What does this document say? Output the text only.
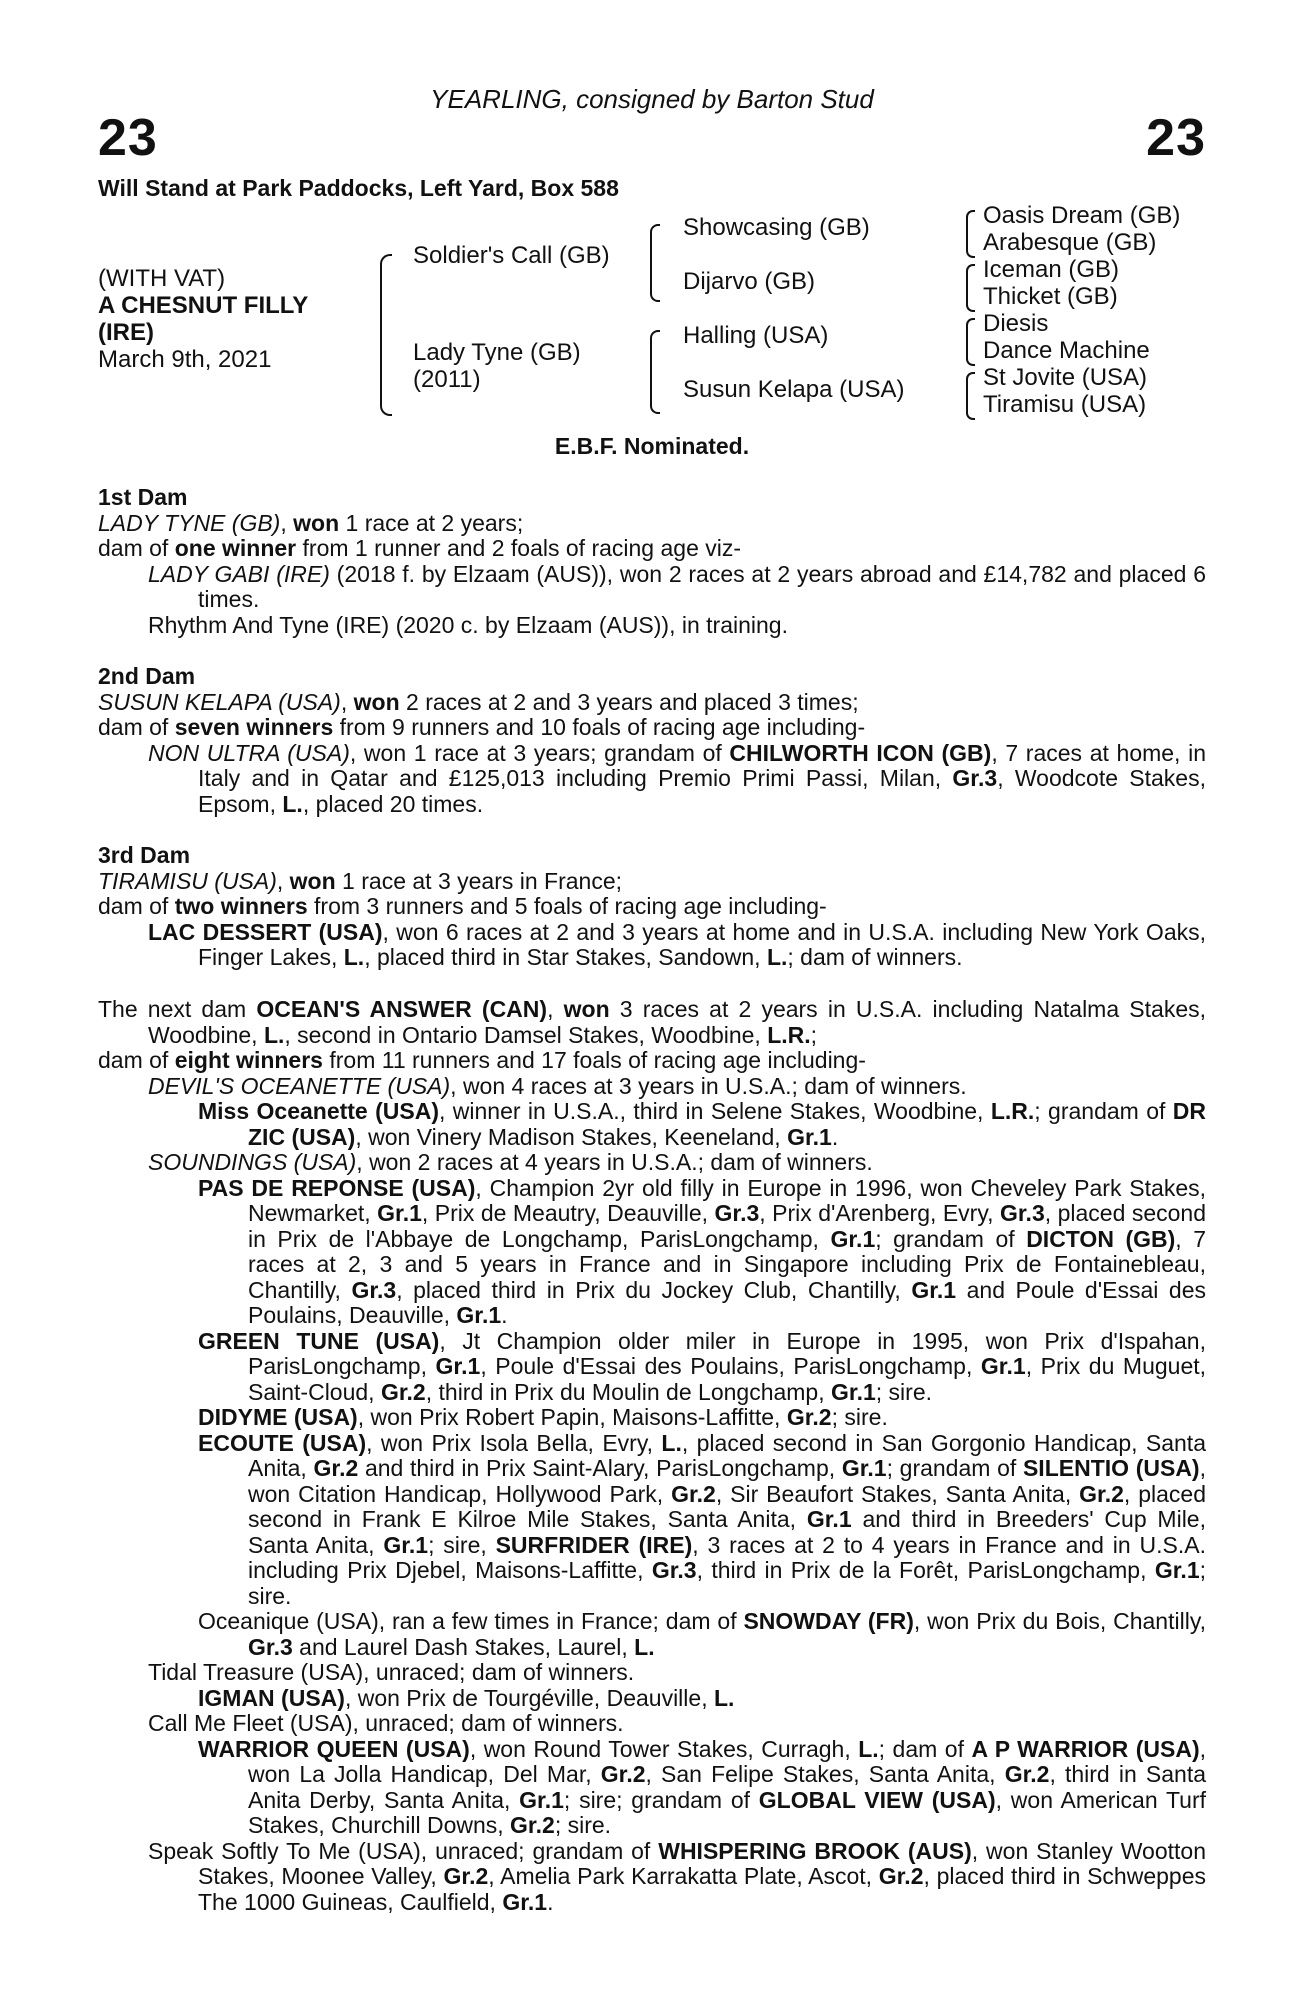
YEARLING, consigned by Barton Stud
23	23
Will Stand at Park Paddocks, Left Yard, Box 588
(WITH VAT)
A CHESNUT FILLY
(IRE)
March 9th, 2021
Soldier's Call (GB)
Lady Tyne (GB)
(2011)
Showcasing (GB)
Dijarvo (GB)
Halling (USA)
Susun Kelapa (USA)
Oasis Dream (GB)
Arabesque (GB)
Iceman (GB)
Thicket (GB)
Diesis
Dance Machine
St Jovite (USA)
Tiramisu (USA)
E.B.F. Nominated.

1st Dam

LADY TYNE (GB), won 1 race at 2 years;

dam of one winner from 1 runner and 2 foals of racing age viz-

LADY GABI (IRE) (2018 f. by Elzaam (AUS)), won 2 races at 2 years abroad and £14,782 and placed 6 times.

Rhythm And Tyne (IRE) (2020 c. by Elzaam (AUS)), in training.

2nd Dam

SUSUN KELAPA (USA), won 2 races at 2 and 3 years and placed 3 times;

dam of seven winners from 9 runners and 10 foals of racing age including-

NON ULTRA (USA), won 1 race at 3 years; grandam of CHILWORTH ICON (GB), 7 races at home, in Italy and in Qatar and £125,013 including Premio Primi Passi, Milan, Gr.3, Woodcote Stakes, Epsom, L., placed 20 times.

3rd Dam

TIRAMISU (USA), won 1 race at 3 years in France;

dam of two winners from 3 runners and 5 foals of racing age including-

LAC DESSERT (USA), won 6 races at 2 and 3 years at home and in U.S.A. including New York Oaks, Finger Lakes, L., placed third in Star Stakes, Sandown, L.; dam of winners.

The next dam OCEAN'S ANSWER (CAN), won 3 races at 2 years in U.S.A. including Natalma Stakes, Woodbine, L., second in Ontario Damsel Stakes, Woodbine, L.R.;

dam of eight winners from 11 runners and 17 foals of racing age including-

DEVIL'S OCEANETTE (USA), won 4 races at 3 years in U.S.A.; dam of winners.

Miss Oceanette (USA), winner in U.S.A., third in Selene Stakes, Woodbine, L.R.; grandam of DR ZIC (USA), won Vinery Madison Stakes, Keeneland, Gr.1.

SOUNDINGS (USA), won 2 races at 4 years in U.S.A.; dam of winners.

PAS DE REPONSE (USA), Champion 2yr old filly in Europe in 1996, won Cheveley Park Stakes, Newmarket, Gr.1, Prix de Meautry, Deauville, Gr.3, Prix d'Arenberg, Evry, Gr.3, placed second in Prix de l'Abbaye de Longchamp, ParisLongchamp, Gr.1; grandam of DICTON (GB), 7 races at 2, 3 and 5 years in France and in Singapore including Prix de Fontainebleau, Chantilly, Gr.3, placed third in Prix du Jockey Club, Chantilly, Gr.1 and Poule d'Essai des Poulains, Deauville, Gr.1.

GREEN TUNE (USA), Jt Champion older miler in Europe in 1995, won Prix d'Ispahan, ParisLongchamp, Gr.1, Poule d'Essai des Poulains, ParisLongchamp, Gr.1, Prix du Muguet, Saint-Cloud, Gr.2, third in Prix du Moulin de Longchamp, Gr.1; sire.

DIDYME (USA), won Prix Robert Papin, Maisons-Laffitte, Gr.2; sire.

ECOUTE (USA), won Prix Isola Bella, Evry, L., placed second in San Gorgonio Handicap, Santa Anita, Gr.2 and third in Prix Saint-Alary, ParisLongchamp, Gr.1; grandam of SILENTIO (USA), won Citation Handicap, Hollywood Park, Gr.2, Sir Beaufort Stakes, Santa Anita, Gr.2, placed second in Frank E Kilroe Mile Stakes, Santa Anita, Gr.1 and third in Breeders' Cup Mile, Santa Anita, Gr.1; sire, SURFRIDER (IRE), 3 races at 2 to 4 years in France and in U.S.A. including Prix Djebel, Maisons-Laffitte, Gr.3, third in Prix de la Forêt, ParisLongchamp, Gr.1; sire.

Oceanique (USA), ran a few times in France; dam of SNOWDAY (FR), won Prix du Bois, Chantilly, Gr.3 and Laurel Dash Stakes, Laurel, L.

Tidal Treasure (USA), unraced; dam of winners.

IGMAN (USA), won Prix de Tourgéville, Deauville, L.

Call Me Fleet (USA), unraced; dam of winners.

WARRIOR QUEEN (USA), won Round Tower Stakes, Curragh, L.; dam of A P WARRIOR (USA), won La Jolla Handicap, Del Mar, Gr.2, San Felipe Stakes, Santa Anita, Gr.2, third in Santa Anita Derby, Santa Anita, Gr.1; sire; grandam of GLOBAL VIEW (USA), won American Turf Stakes, Churchill Downs, Gr.2; sire.

Speak Softly To Me (USA), unraced; grandam of WHISPERING BROOK (AUS), won Stanley Wootton Stakes, Moonee Valley, Gr.2, Amelia Park Karrakatta Plate, Ascot, Gr.2, placed third in Schweppes The 1000 Guineas, Caulfield, Gr.1.
